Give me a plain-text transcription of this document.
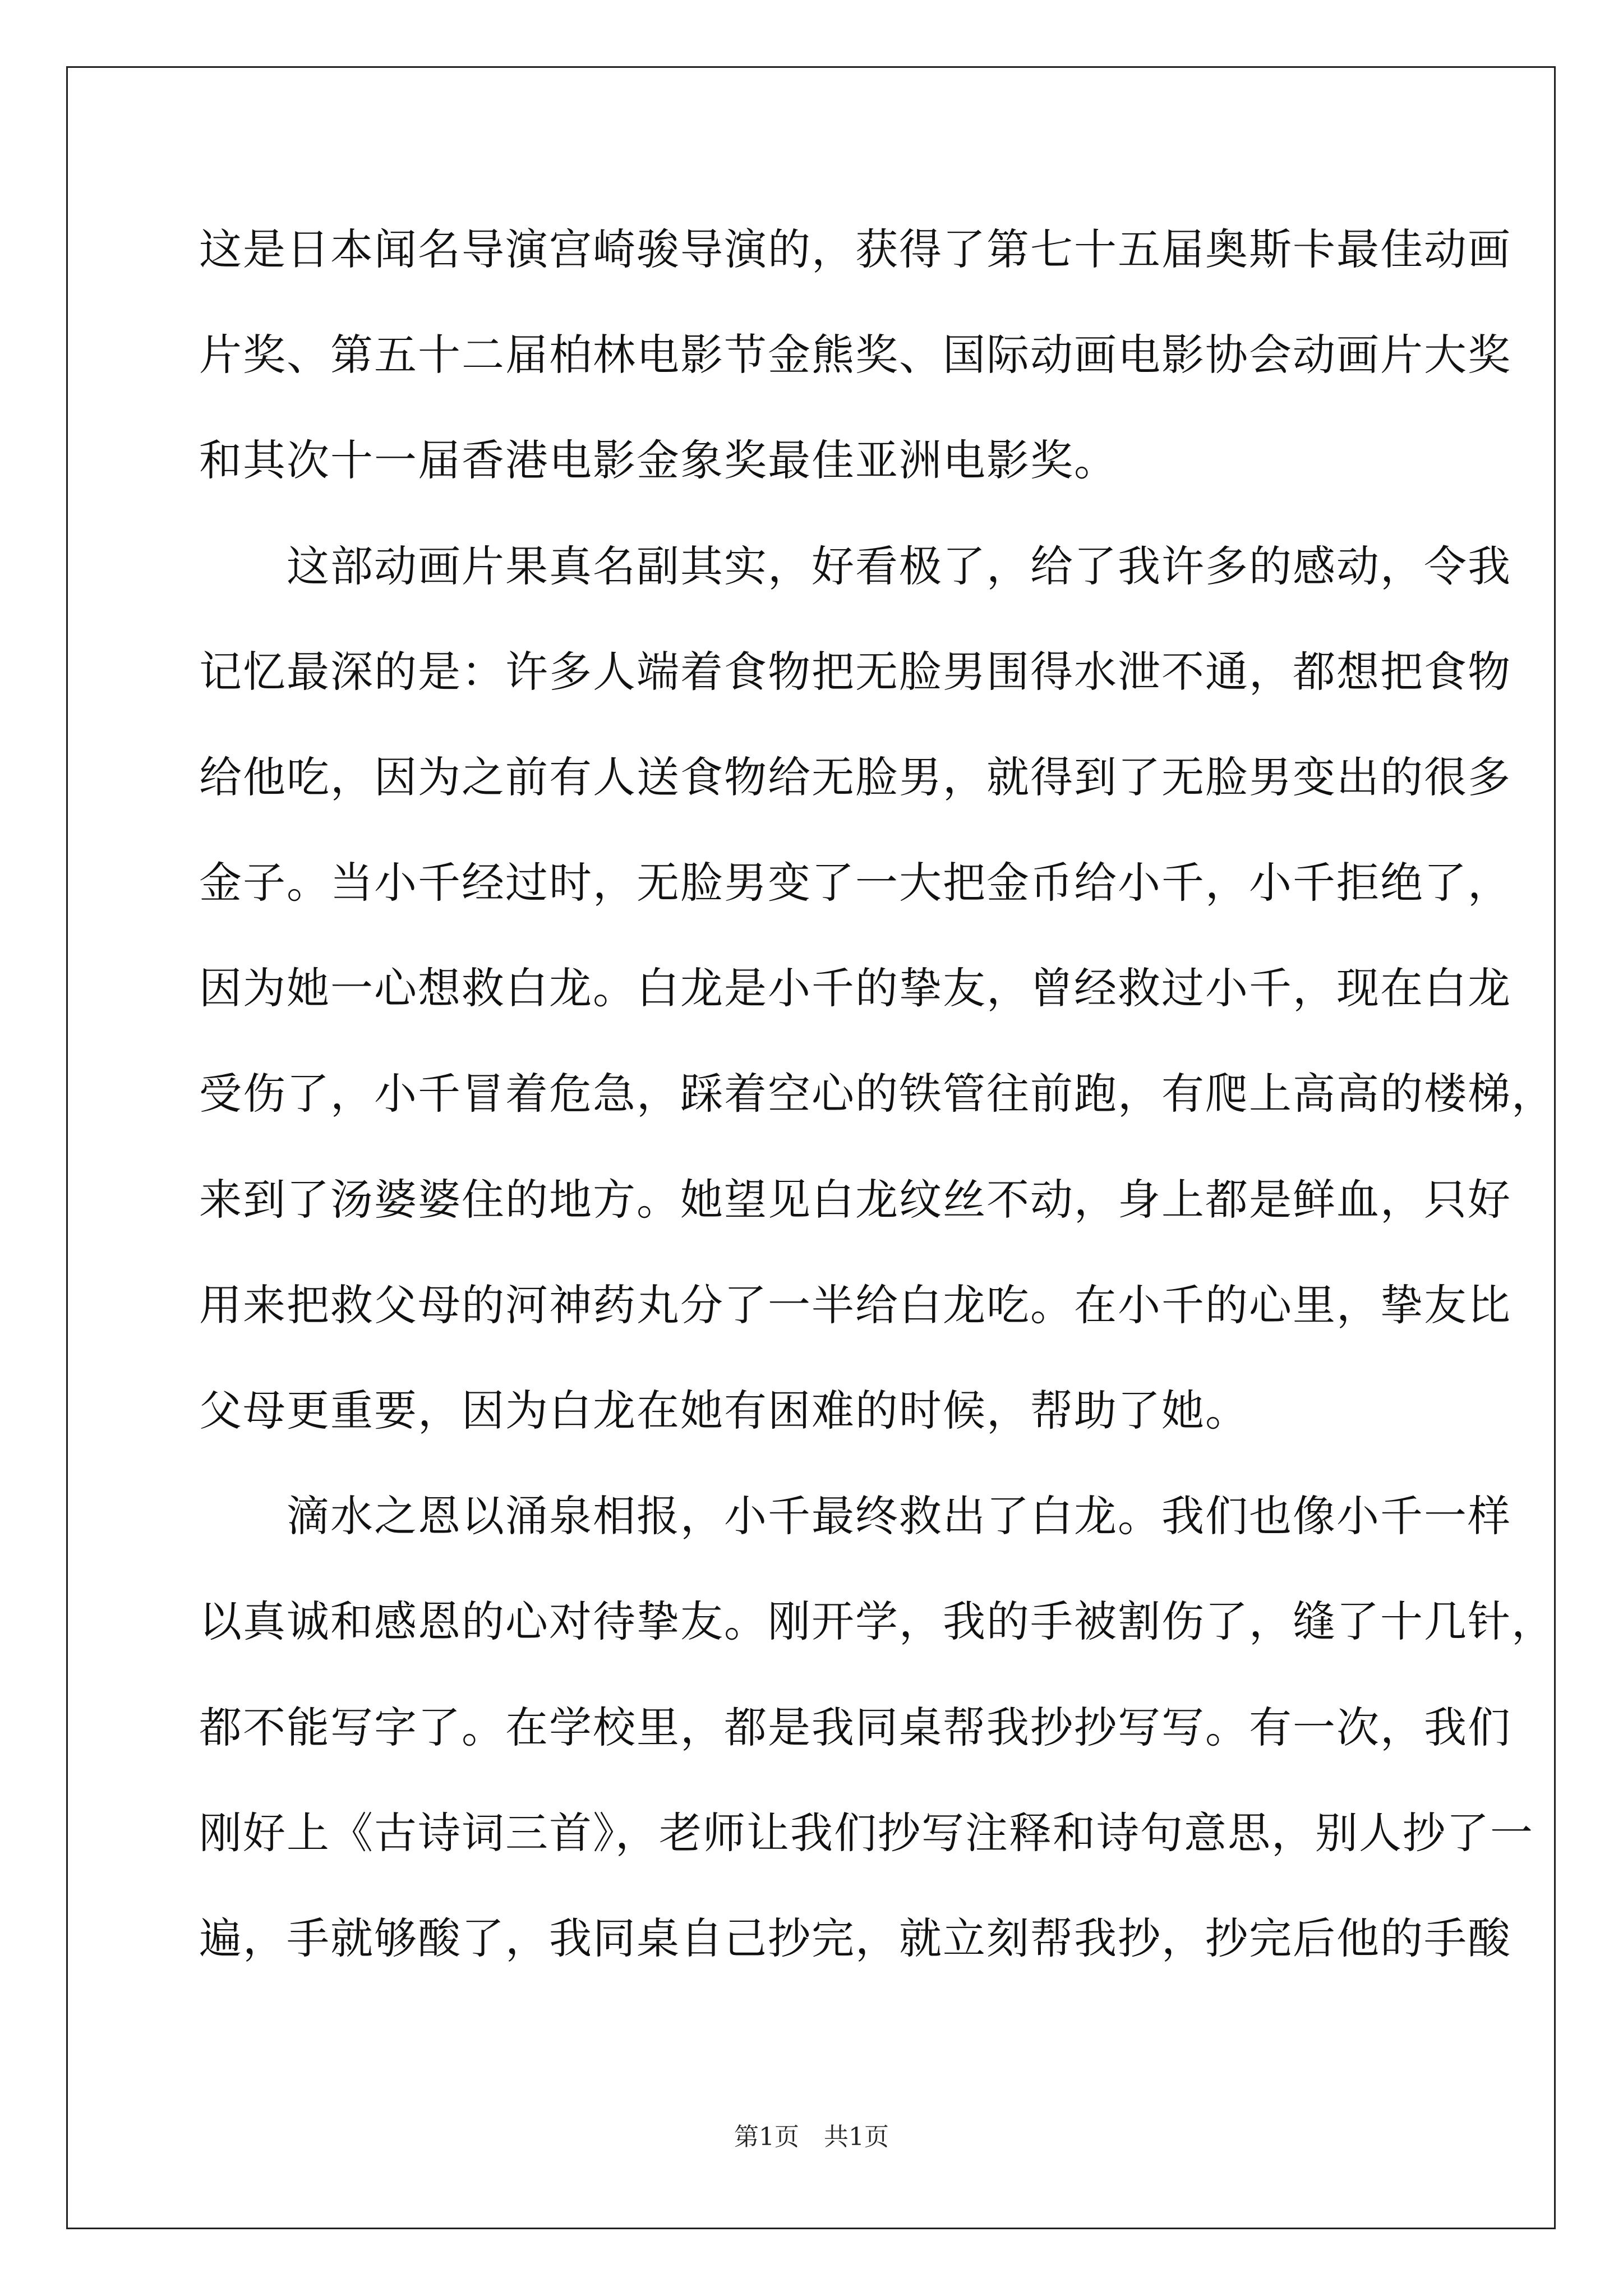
这是日本闻名导演宫崎骏导演的，获得了第七十五届奥斯卡最佳动画
片奖、第五十二届柏林电影节金熊奖、国际动画电影协会动画片大奖
和其次十一届香港电影金象奖最佳亚洲电影奖。
　　这部动画片果真名副其实，好看极了，给了我许多的感动，令我
记忆最深的是：许多人端着食物把无脸男围得水泄不通，都想把食物
给他吃，因为之前有人送食物给无脸男，就得到了无脸男变出的很多
金子。当小千经过时，无脸男变了一大把金币给小千，小千拒绝了，
因为她一心想救白龙。白龙是小千的挚友，曾经救过小千，现在白龙
受伤了，小千冒着危急，踩着空心的铁管往前跑，有爬上高高的楼梯，
来到了汤婆婆住的地方。她望见白龙纹丝不动，身上都是鲜血，只好
用来把救父母的河神药丸分了一半给白龙吃。在小千的心里，挚友比
父母更重要，因为白龙在她有困难的时候，帮助了她。
　　滴水之恩以涌泉相报，小千最终救出了白龙。我们也像小千一样
以真诚和感恩的心对待挚友。刚开学，我的手被割伤了，缝了十几针，
都不能写字了。在学校里，都是我同桌帮我抄抄写写。有一次，我们
刚好上《古诗词三首》，老师让我们抄写注释和诗句意思，别人抄了一
遍，手就够酸了，我同桌自己抄完，就立刻帮我抄，抄完后他的手酸
第1页　共1页
